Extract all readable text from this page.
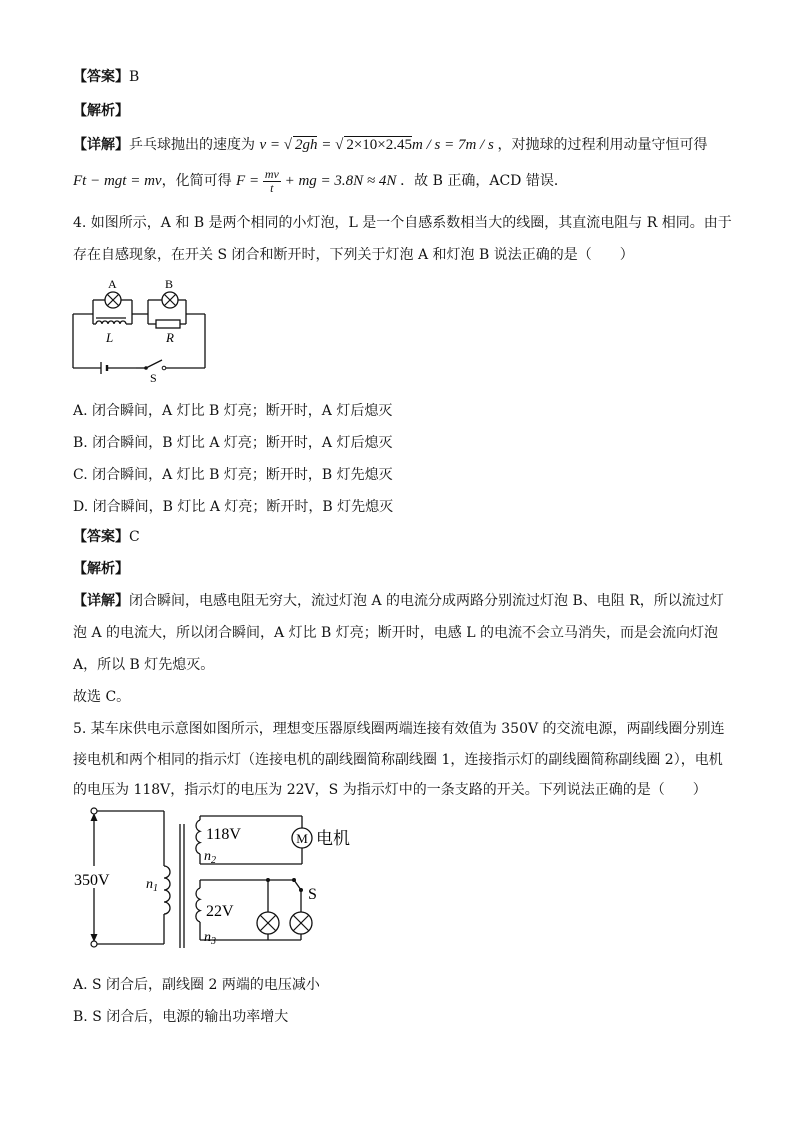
【答案】B
【解析】
【详解】乒乓球抛出的速度为 v = √ 2gh = √ 2×10×2.45m / s = 7m / s ，对抛球的过程利用动量守恒可得
Ft − mgt = mv，化简可得 $F = \frac{mv}{t}$ + mg = 3.8N ≈ 4N ．故 B 正确，ACD 错误．
4. 如图所示，A 和 B 是两个相同的小灯泡，L 是一个自感系数相当大的线圈，其直流电阻与 R 相同。由于
存在自感现象，在开关 S 闭合和断开时，下列关于灯泡 A 和灯泡 B 说法正确的是（　　）
A	B
L	R
S
A. 闭合瞬间，A 灯比 B 灯亮；断开时，A 灯后熄灭
B. 闭合瞬间，B 灯比 A 灯亮；断开时，A 灯后熄灭
C. 闭合瞬间，A 灯比 B 灯亮；断开时，B 灯先熄灭
D. 闭合瞬间，B 灯比 A 灯亮；断开时，B 灯先熄灭
【答案】C
【解析】
【详解】闭合瞬间，电感电阻无穷大，流过灯泡 A 的电流分成两路分别流过灯泡 B、电阻 R，所以流过灯
泡 A 的电流大，所以闭合瞬间，A 灯比 B 灯亮；断开时，电感 L 的电流不会立马消失，而是会流向灯泡
A，所以 B 灯先熄灭。
故选 C。
5. 某车床供电示意图如图所示，理想变压器原线圈两端连接有效值为 350V 的交流电源，两副线圈分别连
接电机和两个相同的指示灯（连接电机的副线圈简称副线圈 1，连接指示灯的副线圈简称副线圈 2），电机
的电压为 118V，指示灯的电压为 22V，S 为指示灯中的一条支路的开关。下列说法正确的是（　　）
M
350V	$n_1$
118V
$n_2$
电机
22V
$n_3$
S
A. S 闭合后，副线圈 2 两端的电压减小
B. S 闭合后，电源的输出功率增大
